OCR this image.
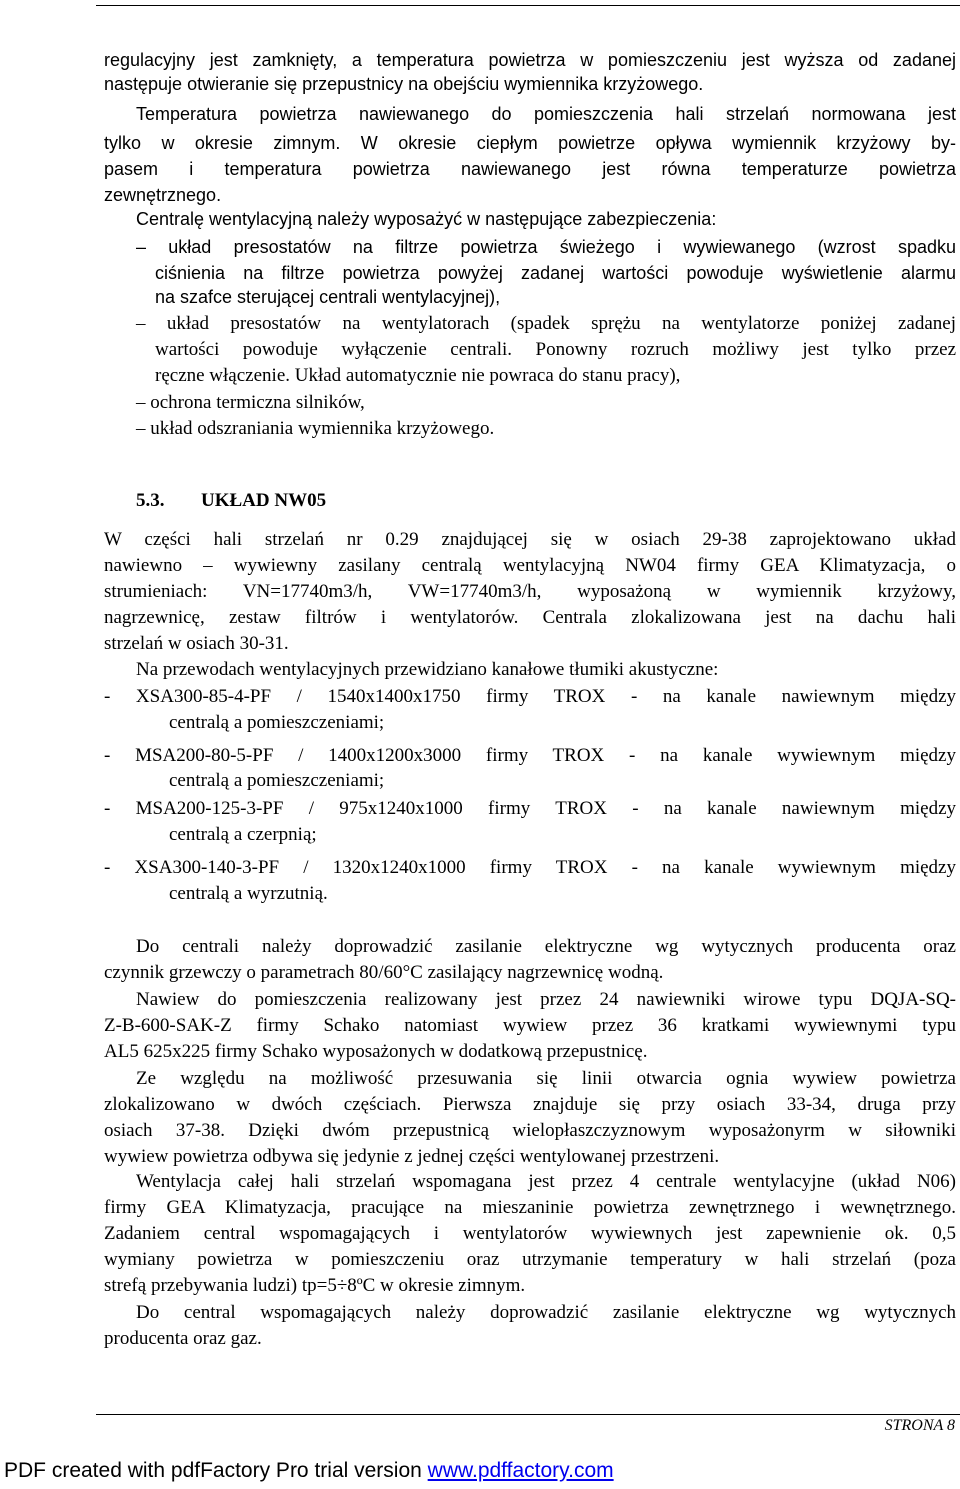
regulacyjny jest zamknięty, a temperatura powietrza w pomieszczeniu jest wyższa od zadanej
następuje otwieranie się przepustnicy na obejściu wymiennika krzyżowego.
Temperatura powietrza nawiewanego do pomieszczenia hali strzelań normowana jest
tylko w okresie zimnym. W okresie ciepłym powietrze opływa wymiennik krzyżowy by-
pasem i temperatura powietrza nawiewanego jest równa temperaturze powietrza
zewnętrznego.
Centralę wentylacyjną należy wyposażyć w następujące zabezpieczenia:
– układ presostatów na filtrze powietrza świeżego i wywiewanego (wzrost spadku
ciśnienia na filtrze powietrza powyżej zadanej wartości powoduje wyświetlenie alarmu
na szafce sterującej centrali wentylacyjnej),
– układ presostatów na wentylatorach (spadek sprężu na wentylatorze poniżej zadanej
wartości powoduje wyłączenie centrali. Ponowny rozruch możliwy jest tylko przez
ręczne włączenie. Układ automatycznie nie powraca do stanu pracy),
– ochrona termiczna silników,
– układ odszraniania wymiennika krzyżowego.
5.3. UKŁAD NW05
W części hali strzelań nr 0.29 znajdującej się w osiach 29-38 zaprojektowano układ
nawiewno – wywiewny zasilany centralą wentylacyjną NW04 firmy GEA Klimatyzacja, o
strumieniach: VN=17740m3/h, VW=17740m3/h, wyposażoną w wymiennik krzyżowy,
nagrzewnicę, zestaw filtrów i wentylatorów. Centrala zlokalizowana jest na dachu hali
strzelań w osiach 30-31.
Na przewodach wentylacyjnych przewidziano kanałowe tłumiki akustyczne:
- XSA300-85-4-PF / 1540x1400x1750 firmy TROX - na kanale nawiewnym między
centralą a pomieszczeniami;
- MSA200-80-5-PF / 1400x1200x3000 firmy TROX - na kanale wywiewnym między
centralą a pomieszczeniami;
- MSA200-125-3-PF / 975x1240x1000 firmy TROX - na kanale nawiewnym między
centralą a czerpnią;
- XSA300-140-3-PF / 1320x1240x1000 firmy TROX - na kanale wywiewnym między
centralą a wyrzutnią.
Do centrali należy doprowadzić zasilanie elektryczne wg wytycznych producenta oraz
czynnik grzewczy o parametrach 80/60°C zasilający nagrzewnicę wodną.
Nawiew do pomieszczenia realizowany jest przez 24 nawiewniki wirowe typu DQJA-SQ-
Z-B-600-SAK-Z firmy Schako natomiast wywiew przez 36 kratkami wywiewnymi typu
AL5 625x225 firmy Schako wyposażonych w dodatkową przepustnicę.
Ze względu na możliwość przesuwania się linii otwarcia ognia wywiew powietrza
zlokalizowano w dwóch częściach. Pierwsza znajduje się przy osiach 33-34, druga przy
osiach 37-38. Dzięki dwóm przepustnicą wielopłaszczyznowym wyposażonyrm w siłowniki
wywiew powietrza odbywa się jedynie z jednej części wentylowanej przestrzeni.
Wentylacja całej hali strzelań wspomagana jest przez 4 centrale wentylacyjne (układ N06)
firmy GEA Klimatyzacja, pracujące na mieszaninie powietrza zewnętrznego i wewnętrznego.
Zadaniem central wspomagających i wentylatorów wywiewnych jest zapewnienie ok. 0,5
wymiany powietrza w pomieszczeniu oraz utrzymanie temperatury w hali strzelań (poza
strefą przebywania ludzi) tp=5÷8ºC w okresie zimnym.
Do central wspomagających należy doprowadzić zasilanie elektryczne wg wytycznych
producenta oraz gaz.
STRONA 8
PDF created with pdfFactory Pro trial version www.pdffactory.com
